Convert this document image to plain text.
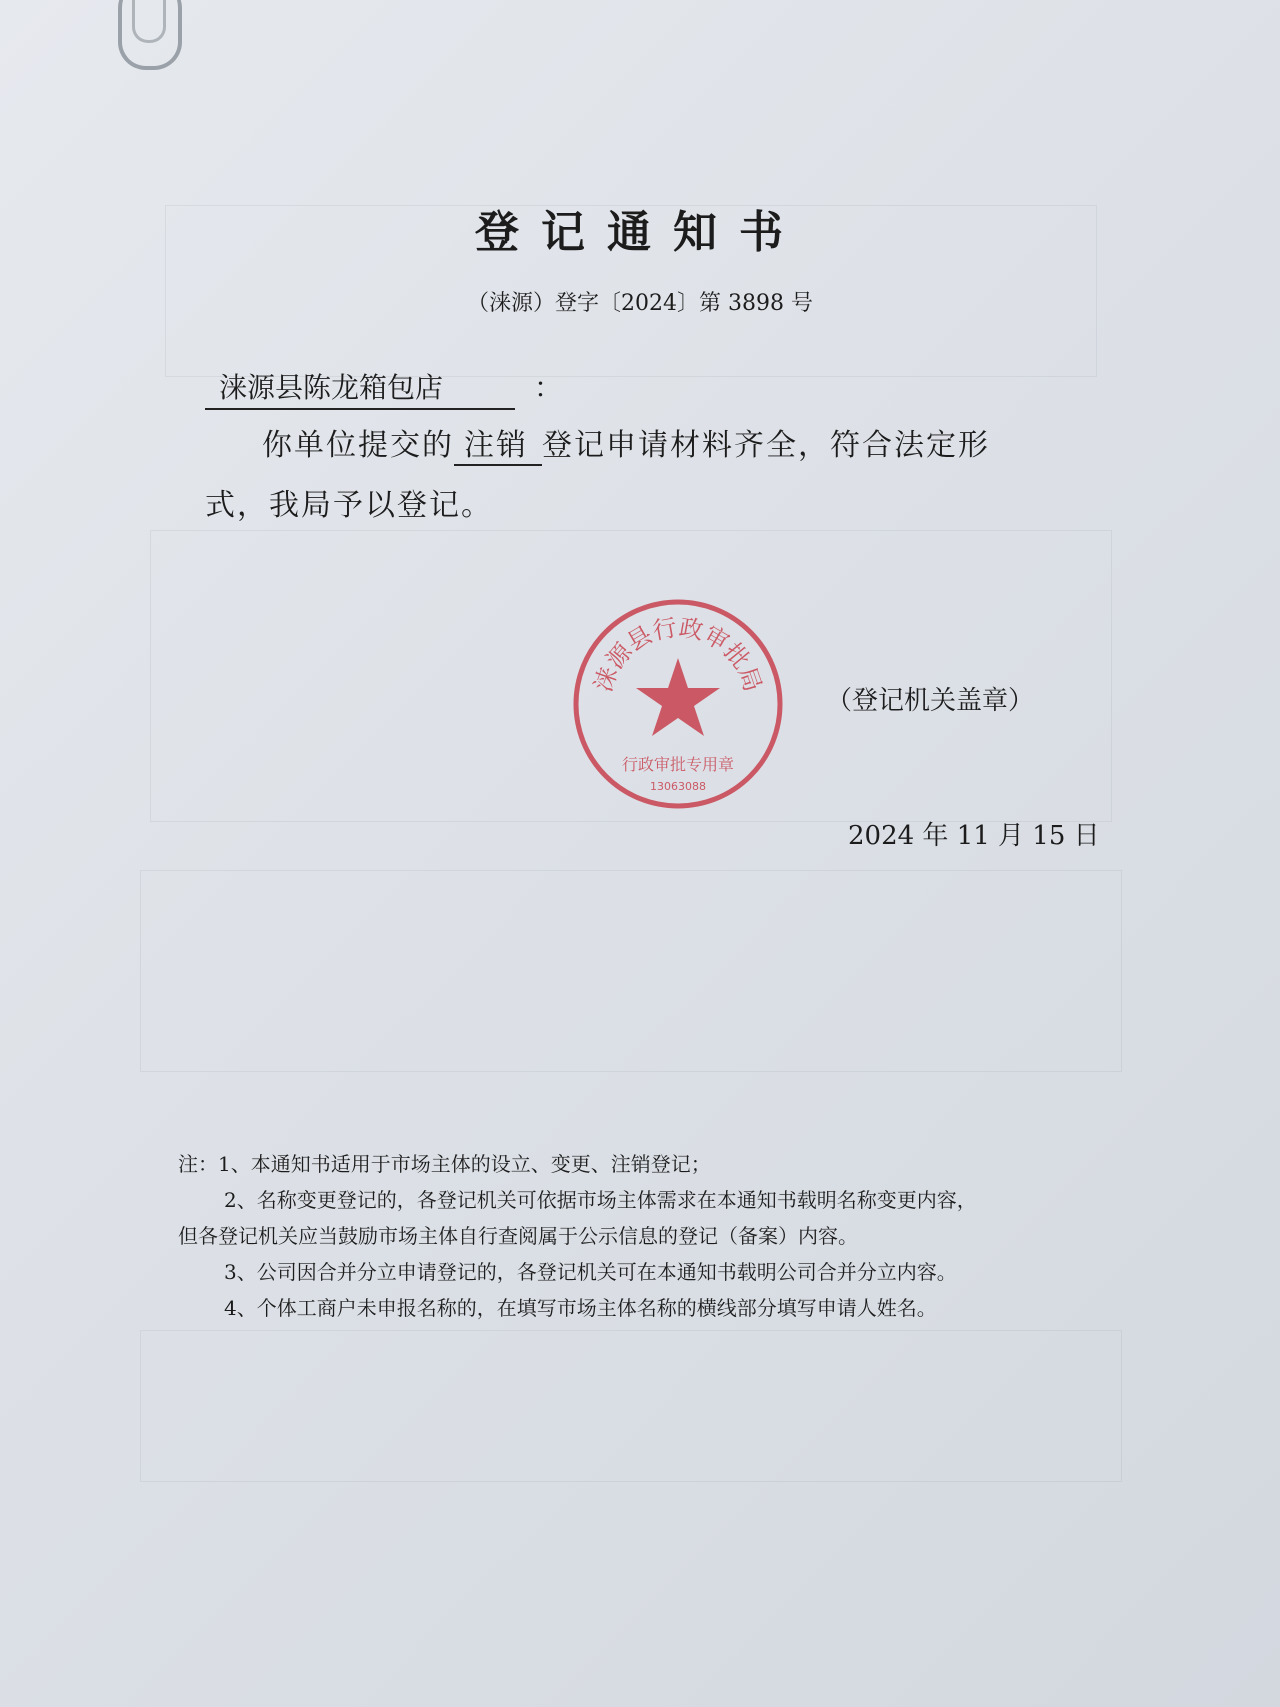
登记通知书
（涞源）登字〔2024〕第 3898 号
涞源县陈龙箱包店	：
你单位提交的 注销 登记申请材料齐全，符合法定形
式，我局予以登记。
涞源县行政审批局
行政审批专用章
13063088
（登记机关盖章）
2024 年 11 月 15 日
注：1、本通知书适用于市场主体的设立、变更、注销登记；
2、名称变更登记的，各登记机关可依据市场主体需求在本通知书载明名称变更内容，
但各登记机关应当鼓励市场主体自行查阅属于公示信息的登记（备案）内容。
3、公司因合并分立申请登记的，各登记机关可在本通知书载明公司合并分立内容。
4、个体工商户未申报名称的，在填写市场主体名称的横线部分填写申请人姓名。
